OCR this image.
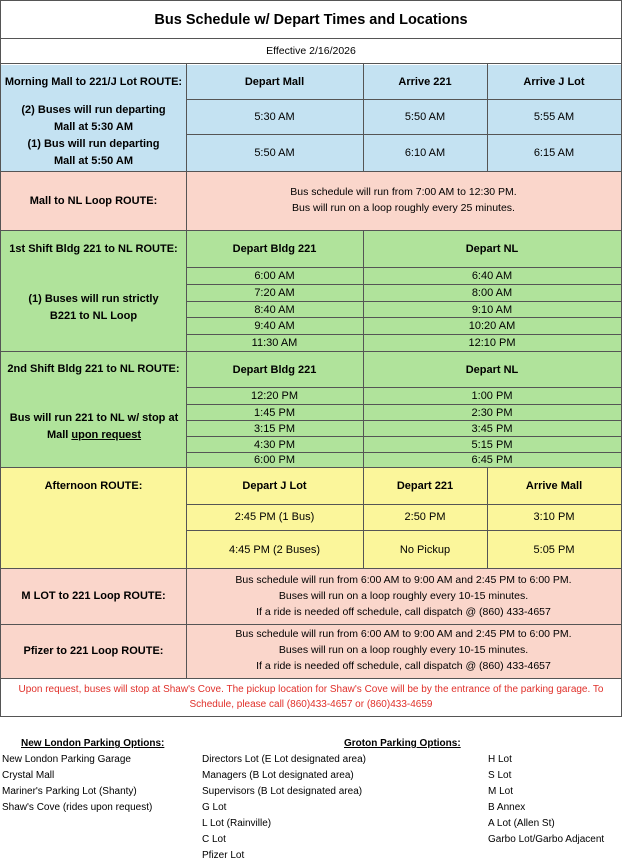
Bus Schedule w/ Depart Times and Locations
Effective 2/16/2026
Morning Mall to 221/J Lot ROUTE:
(2) Buses will run departing Mall at 5:30 AM
(1) Bus will run departing Mall at 5:50 AM
Depart Mall	Arrive 221	Arrive J Lot
5:30 AM	5:50 AM	5:55 AM
5:50 AM	6:10 AM	6:15 AM
Mall to NL Loop ROUTE:
Bus schedule will run from 7:00 AM to 12:30 PM.
Bus will run on a loop roughly every 25 minutes.
1st Shift Bldg 221 to NL ROUTE:
(1) Buses will run strictly B221 to NL Loop
Depart Bldg 221	Depart NL
6:00 AM	6:40 AM
7:20 AM	8:00 AM
8:40 AM	9:10 AM
9:40 AM	10:20 AM
11:30 AM	12:10 PM
2nd Shift Bldg 221 to NL ROUTE:
Bus will run 221 to NL w/ stop at Mall upon request
Depart Bldg 221	Depart NL
12:20 PM	1:00 PM
1:45 PM	2:30 PM
3:15 PM	3:45 PM
4:30 PM	5:15 PM
6:00 PM	6:45 PM
Afternoon ROUTE:	Depart J Lot	Depart 221	Arrive Mall
2:45 PM (1 Bus)	2:50 PM	3:10 PM
4:45 PM (2 Buses)	No Pickup	5:05 PM
M LOT to 221 Loop ROUTE:
Bus schedule will run from 6:00 AM to 9:00 AM and 2:45 PM to 6:00 PM.
Buses will run on a loop roughly every 10-15 minutes.
If a ride is needed off schedule, call dispatch @ (860) 433-4657
Pfizer to 221 Loop ROUTE:
Bus schedule will run from 6:00 AM to 9:00 AM and 2:45 PM to 6:00 PM.
Buses will run on a loop roughly every 10-15 minutes.
If a ride is needed off schedule, call dispatch @ (860) 433-4657
Upon request, buses will stop at Shaw's Cove. The pickup location for Shaw's Cove will be by the entrance of the parking garage. To Schedule, please call (860)433-4657 or (860)433-4659
New London Parking Options:
New London Parking Garage
Crystal Mall
Mariner's Parking Lot (Shanty)
Shaw's Cove (rides upon request)
Groton Parking Options:
Directors Lot (E Lot designated area)
Managers (B Lot designated area)
Supervisors (B Lot designated area)
G Lot
L Lot (Rainville)
C Lot
Pfizer Lot
H Lot
S Lot
M Lot
B Annex
A Lot (Allen St)
Garbo Lot/Garbo Adjacent
